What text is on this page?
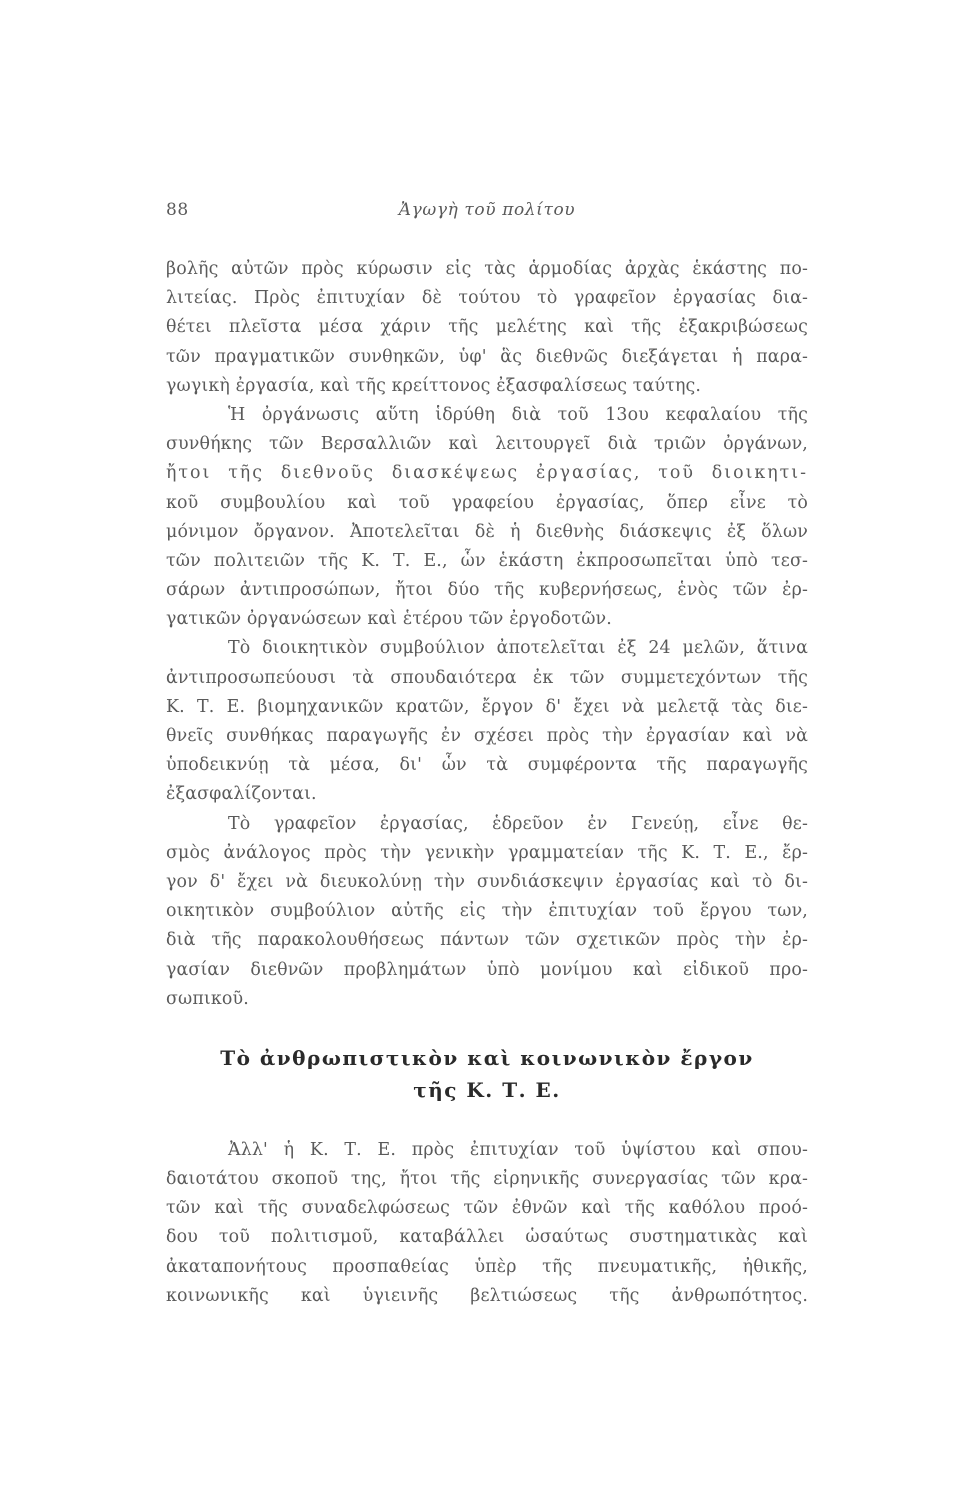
88	Ἀγωγὴ τοῦ πολίτου

βολῆς αὐτῶν πρὸς κύρωσιν εἰς τὰς ἁρμοδίας ἀρχὰς ἑκάστης πο-
λιτείας. Πρὸς ἐπιτυχίαν δὲ τούτου τὸ γραφεῖον ἐργασίας δια-
θέτει πλεῖστα μέσα χάριν τῆς μελέτης καὶ τῆς ἐξακριβώσεως
τῶν πραγματικῶν συνθηκῶν, ὑφ' ἃς διεθνῶς διεξάγεται ἡ παρα-
γωγικὴ ἐργασία, καὶ τῆς κρείττονος ἐξασφαλίσεως ταύτης.

Ἡ ὀργάνωσις αὕτη ἱδρύθη διὰ τοῦ 13ου κεφαλαίου τῆς
συνθήκης τῶν Βερσαλλιῶν καὶ λειτουργεῖ διὰ τριῶν ὀργάνων,
ἤτοι τῆς διεθνοῦς διασκέψεως ἐργασίας, τοῦ διοικητι-
κοῦ συμβουλίου καὶ τοῦ γραφείου ἐργασίας, ὅπερ εἶνε τὸ
μόνιμον ὄργανον. Ἀποτελεῖται δὲ ἡ διεθνὴς διάσκεψις ἐξ ὅλων
τῶν πολιτειῶν τῆς Κ. Τ. Ε., ὧν ἑκάστη ἐκπροσωπεῖται ὑπὸ τεσ-
σάρων ἀντιπροσώπων, ἤτοι δύο τῆς κυβερνήσεως, ἑνὸς τῶν ἐρ-
γατικῶν ὀργανώσεων καὶ ἑτέρου τῶν ἐργοδοτῶν.

Τὸ διοικητικὸν συμβούλιον ἀποτελεῖται ἐξ 24 μελῶν, ἅτινα
ἀντιπροσωπεύουσι τὰ σπουδαιότερα ἐκ τῶν συμμετεχόντων τῆς
Κ. Τ. Ε. βιομηχανικῶν κρατῶν, ἔργον δ' ἔχει νὰ μελετᾷ τὰς διε-
θνεῖς συνθήκας παραγωγῆς ἐν σχέσει πρὸς τὴν ἐργασίαν καὶ νὰ
ὑποδεικνύῃ τὰ μέσα, δι' ὧν τὰ συμφέροντα τῆς παραγωγῆς
ἐξασφαλίζονται.

Τὸ γραφεῖον ἐργασίας, ἑδρεῦον ἐν Γενεύῃ, εἶνε θε-
σμὸς ἀνάλογος πρὸς τὴν γενικὴν γραμματείαν τῆς Κ. Τ. Ε., ἔρ-
γον δ' ἔχει νὰ διευκολύνῃ τὴν συνδιάσκεψιν ἐργασίας καὶ τὸ δι-
οικητικὸν συμβούλιον αὐτῆς εἰς τὴν ἐπιτυχίαν τοῦ ἔργου των,
διὰ τῆς παρακολουθήσεως πάντων τῶν σχετικῶν πρὸς τὴν ἐρ-
γασίαν διεθνῶν προβλημάτων ὑπὸ μονίμου καὶ εἰδικοῦ προ-
σωπικοῦ.

Τὸ ἀνθρωπιστικὸν καὶ κοινωνικὸν ἔργον
τῆς Κ. Τ. Ε.

Ἀλλ' ἡ Κ. Τ. Ε. πρὸς ἐπιτυχίαν τοῦ ὑψίστου καὶ σπου-
δαιοτάτου σκοποῦ της, ἤτοι τῆς εἰρηνικῆς συνεργασίας τῶν κρα-
τῶν καὶ τῆς συναδελφώσεως τῶν ἐθνῶν καὶ τῆς καθόλου προό-
δου τοῦ πολιτισμοῦ, καταβάλλει ὡσαύτως συστηματικὰς καὶ
ἀκαταπονήτους προσπαθείας ὑπὲρ τῆς πνευματικῆς, ἠθικῆς,
κοινωνικῆς καὶ ὑγιεινῆς βελτιώσεως τῆς ἀνθρωπότητος.
